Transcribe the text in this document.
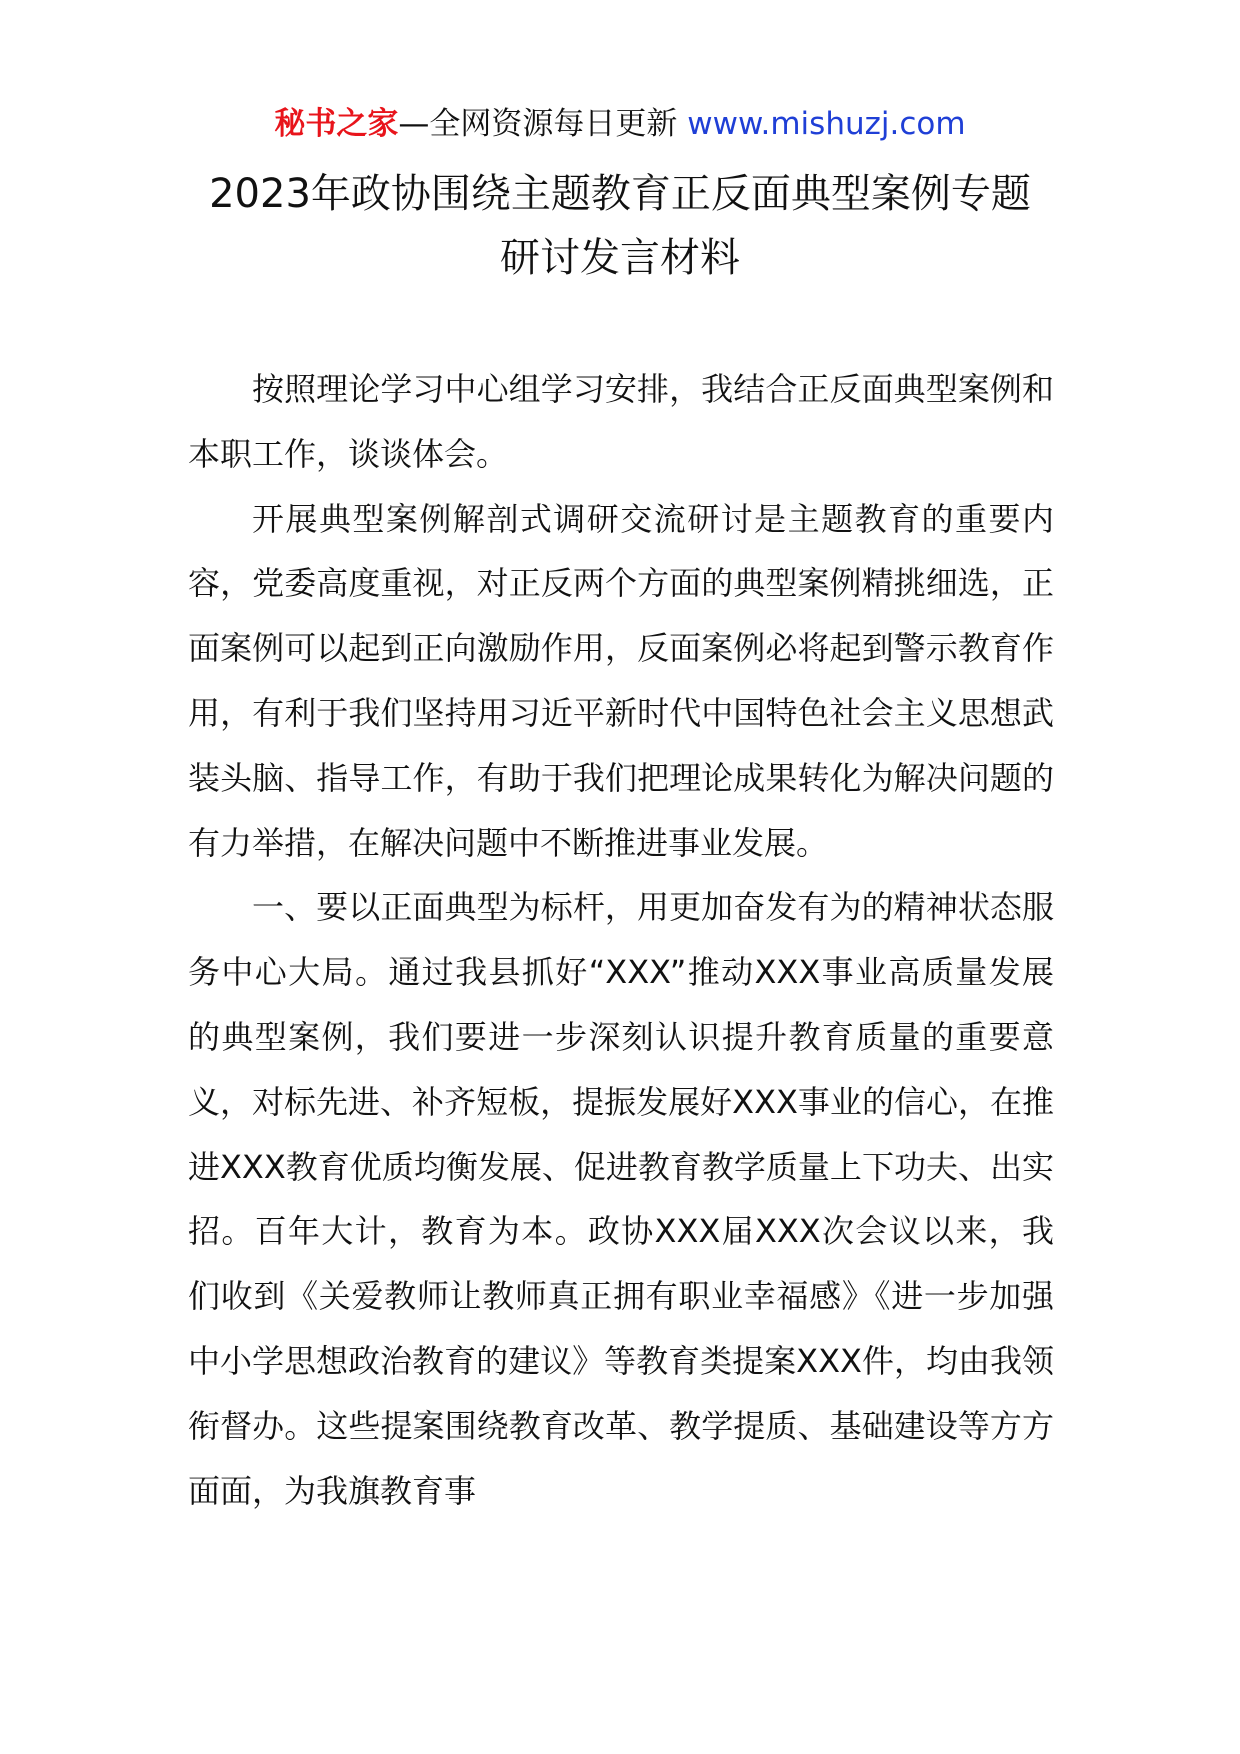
秘书之家—全网资源每日更新 www.mishuzj.com
2023年政协围绕主题教育正反面典型案例专题
研讨发言材料

按照理论学习中心组学习安排，我结合正反面典型案例和本职工作，谈谈体会。

开展典型案例解剖式调研交流研讨是主题教育的重要内容，党委高度重视，对正反两个方面的典型案例精挑细选，正面案例可以起到正向激励作用，反面案例必将起到警示教育作用，有利于我们坚持用习近平新时代中国特色社会主义思想武装头脑、指导工作，有助于我们把理论成果转化为解决问题的有力举措，在解决问题中不断推进事业发展。

一、要以正面典型为标杆，用更加奋发有为的精神状态服务中心大局。通过我县抓好“XXX”推动XXX事业高质量发展的典型案例，我们要进一步深刻认识提升教育质量的重要意义，对标先进、补齐短板，提振发展好XXX事业的信心，在推进XXX教育优质均衡发展、促进教育教学质量上下功夫、出实招。百年大计，教育为本。政协XXX届XXX次会议以来，我们收到《关爱教师让教师真正拥有职业幸福感》《进一步加强中小学思想政治教育的建议》等教育类提案XXX件，均由我领衔督办。这些提案围绕教育改革、教学提质、基础建设等方方面面，为我旗教育事
